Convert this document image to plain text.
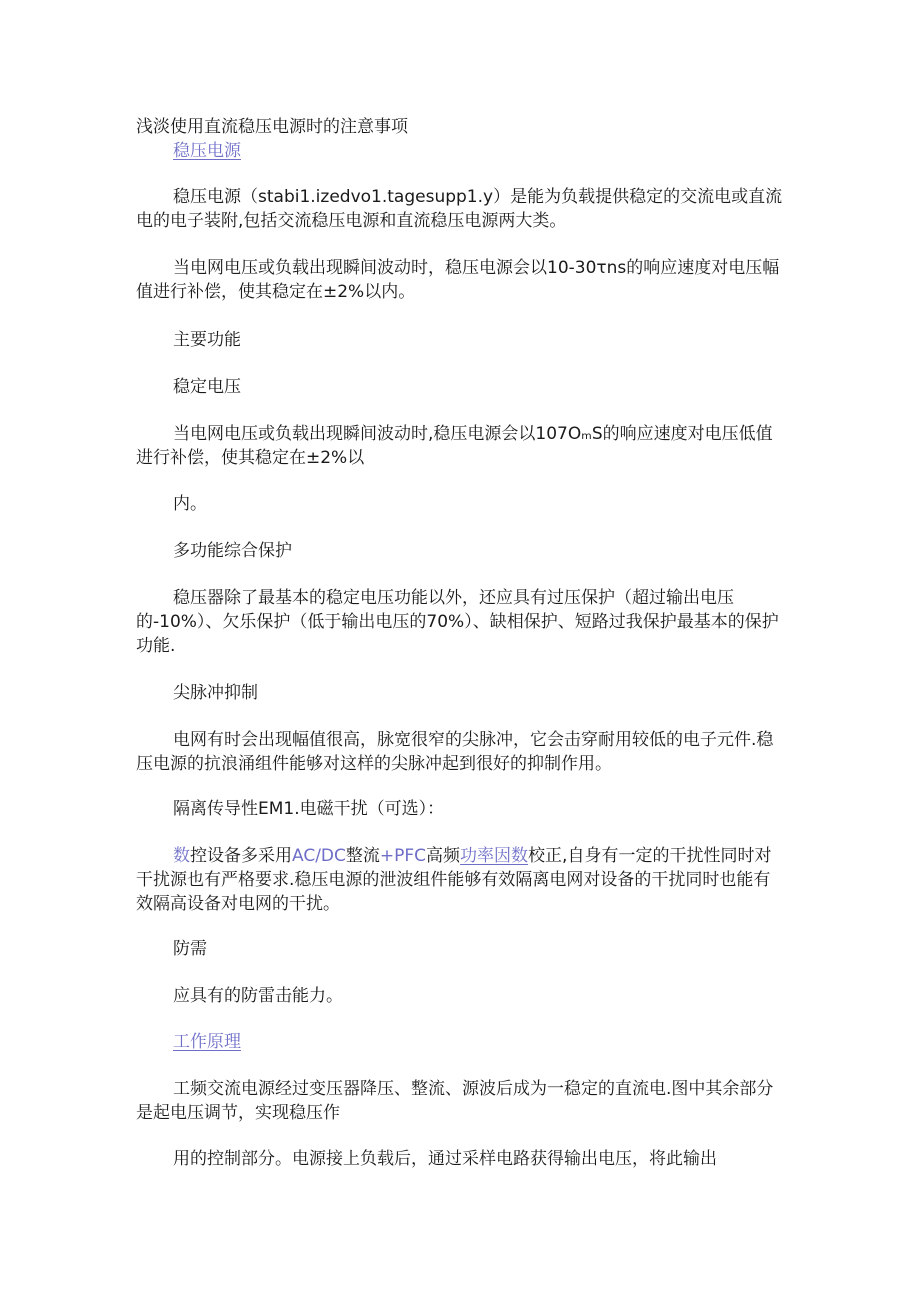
浅淡使用直流稳压电源时的注意事项

稳压电源

稳压电源（stabi1.izedvo1.tagesupp1.y）是能为负载提供稳定的交流电或直流电的电子装附,包括交流稳压电源和直流稳压电源两大类。

当电网电压或负载出现瞬间波动时，稳压电源会以10-30τns的响应速度对电压幅值进行补偿，使其稳定在±2%以内。

主要功能

稳定电压

当电网电压或负载出现瞬间波动时,稳压电源会以107OₘS的响应速度对电压低值进行补偿，使其稳定在±2%以

内。

多功能综合保护

稳压器除了最基本的稳定电压功能以外，还应具有过压保护（超过输出电压的-10%）、欠乐保护（低于输出电压的70%）、缺相保护、短路过我保护最基本的保护功能.

尖脉冲抑制

电网有时会出现幅值很高，脉宽很窄的尖脉冲，它会击穿耐用较低的电子元件.稳压电源的抗浪涌组件能够对这样的尖脉冲起到很好的抑制作用。

隔离传导性EM1.电磁干扰（可选）：

数控设备多采用AC/DC整流+PFC高频功率因数校正,自身有一定的干扰性同时对干扰源也有严格要求.稳压电源的泄波组件能够有效隔离电网对设备的干扰同时也能有效隔高设备对电网的干扰。

防需

应具有的防雷击能力。

工作原理

工频交流电源经过变压器降压、整流、源波后成为一稳定的直流电.图中其余部分是起电压调节，实现稳压作

用的控制部分。电源接上负载后，通过采样电路获得输出电压，将此输出
